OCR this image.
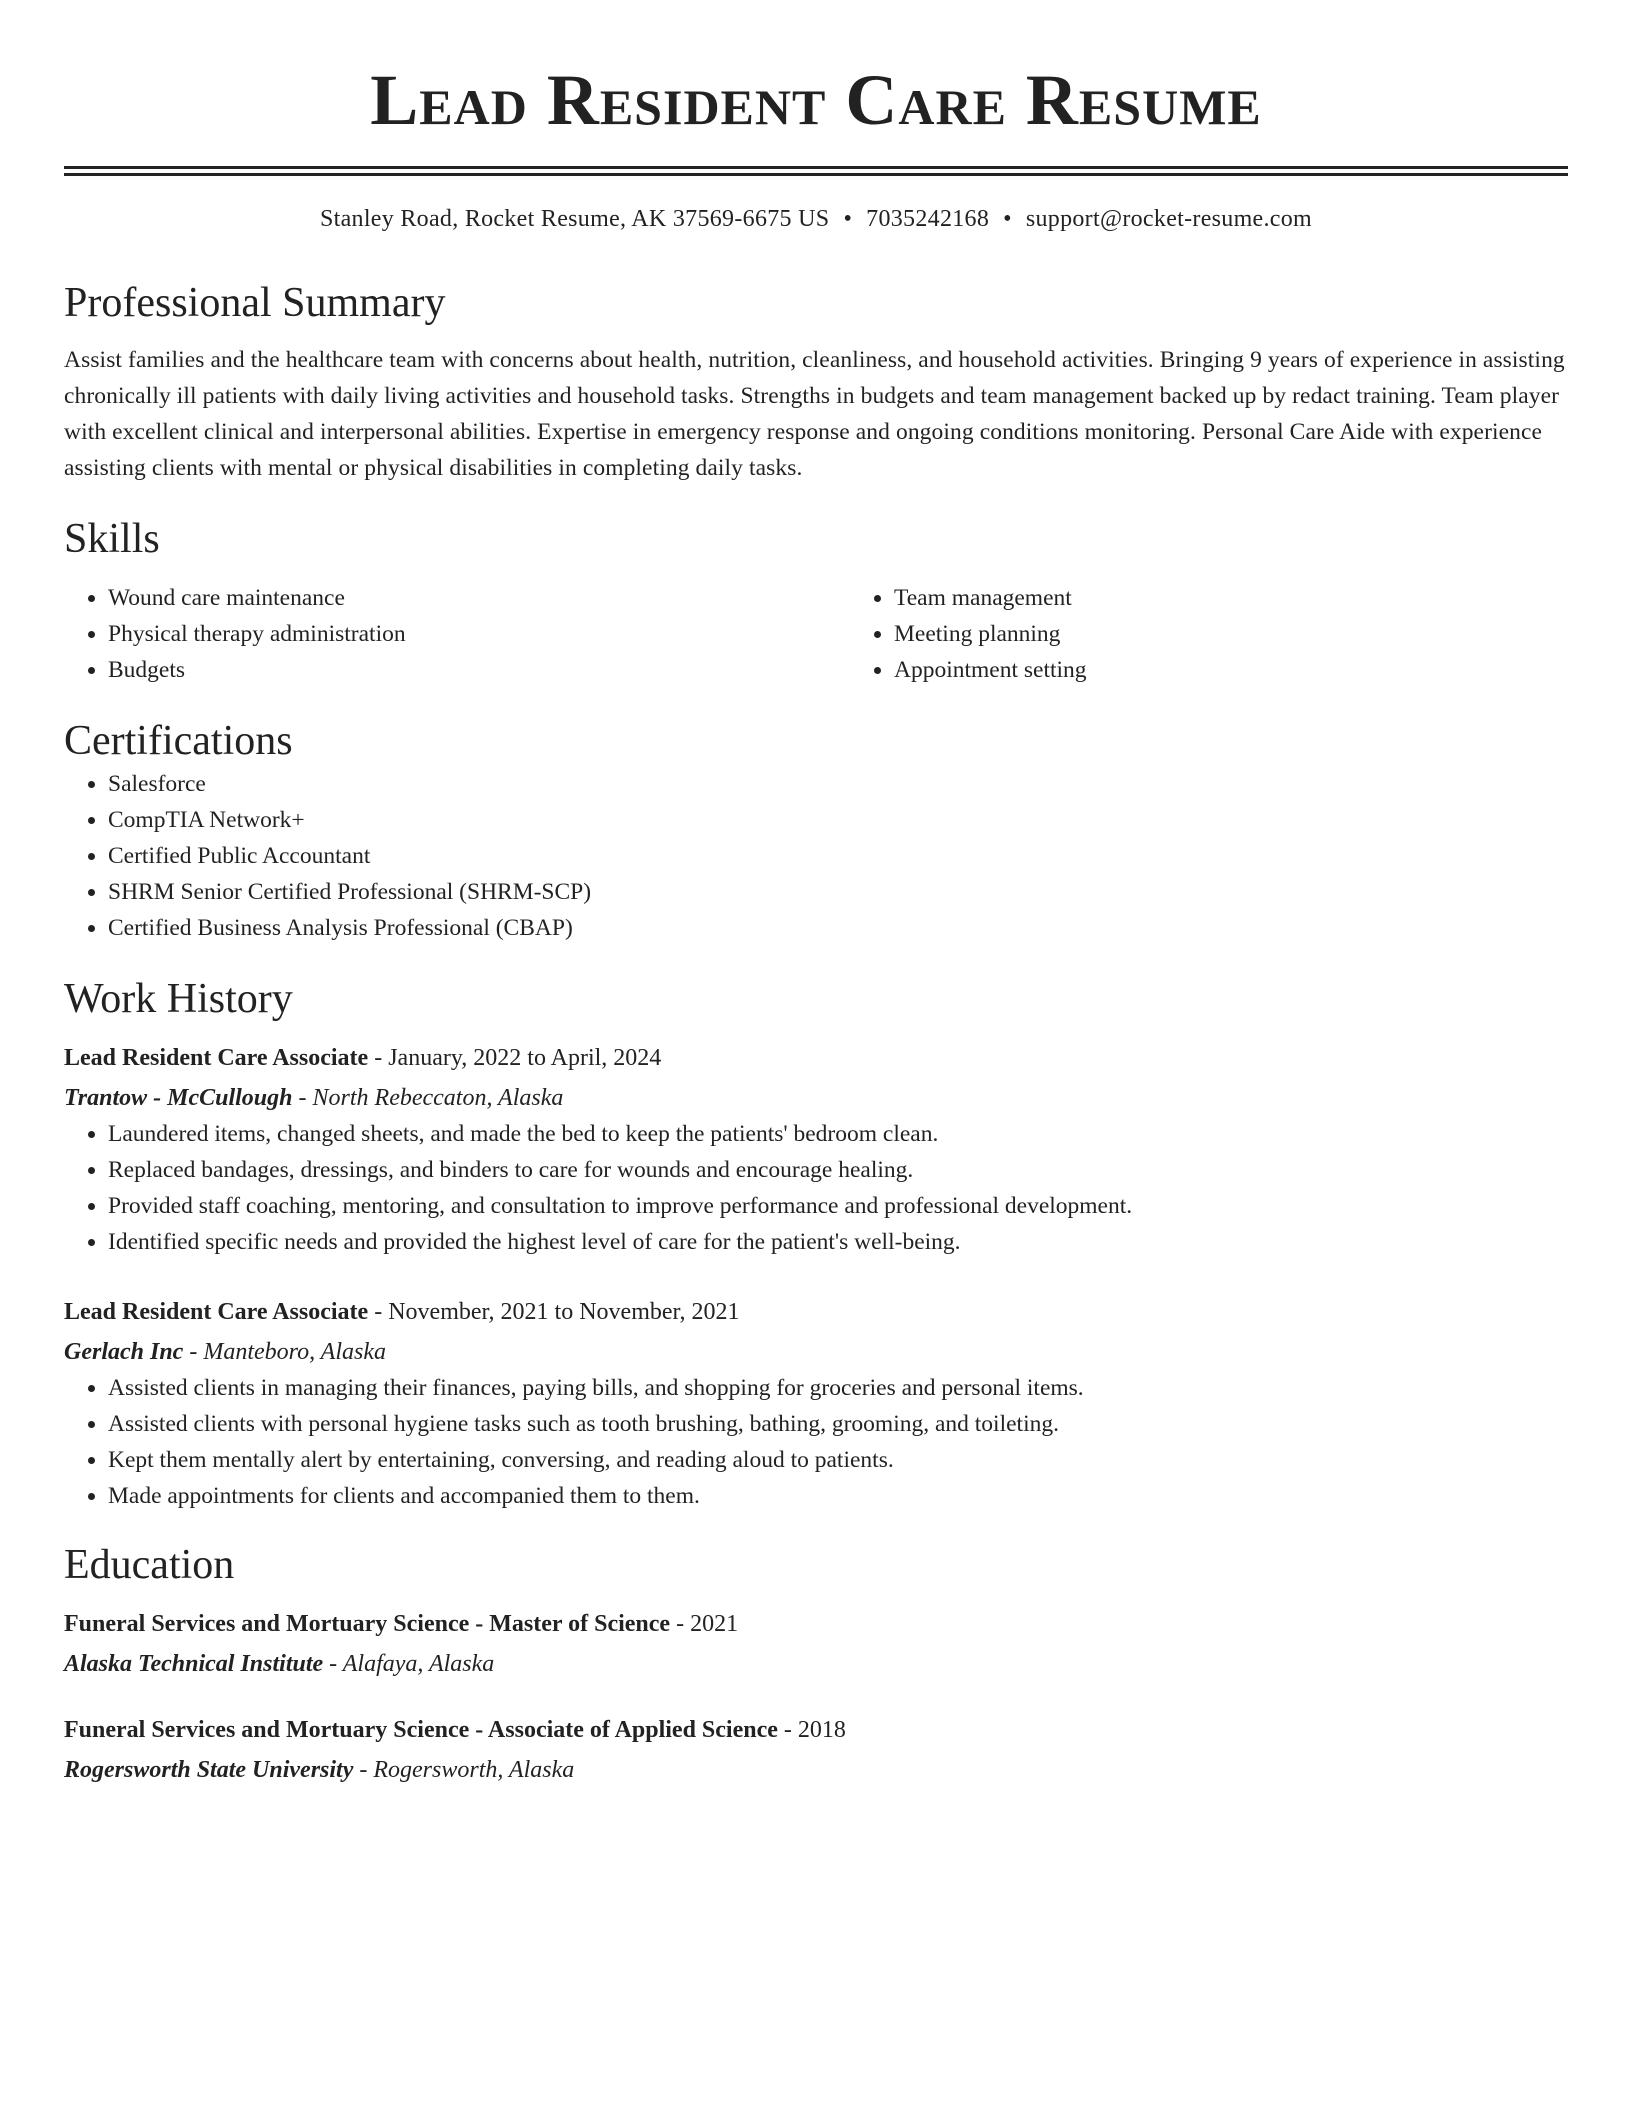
Lead Resident Care Resume
Stanley Road, Rocket Resume, AK 37569-6675 US • 7035242168 • support@rocket-resume.com
Professional Summary
Assist families and the healthcare team with concerns about health, nutrition, cleanliness, and household activities. Bringing 9 years of experience in assisting chronically ill patients with daily living activities and household tasks. Strengths in budgets and team management backed up by redact training. Team player with excellent clinical and interpersonal abilities. Expertise in emergency response and ongoing conditions monitoring. Personal Care Aide with experience assisting clients with mental or physical disabilities in completing daily tasks.
Skills
• Wound care maintenance
• Physical therapy administration
• Budgets
• Team management
• Meeting planning
• Appointment setting
Certifications
• Salesforce
• CompTIA Network+
• Certified Public Accountant
• SHRM Senior Certified Professional (SHRM-SCP)
• Certified Business Analysis Professional (CBAP)
Work History
Lead Resident Care Associate - January, 2022 to April, 2024
Trantow - McCullough - North Rebeccaton, Alaska
• Laundered items, changed sheets, and made the bed to keep the patients' bedroom clean.
• Replaced bandages, dressings, and binders to care for wounds and encourage healing.
• Provided staff coaching, mentoring, and consultation to improve performance and professional development.
• Identified specific needs and provided the highest level of care for the patient's well-being.
Lead Resident Care Associate - November, 2021 to November, 2021
Gerlach Inc - Manteboro, Alaska
• Assisted clients in managing their finances, paying bills, and shopping for groceries and personal items.
• Assisted clients with personal hygiene tasks such as tooth brushing, bathing, grooming, and toileting.
• Kept them mentally alert by entertaining, conversing, and reading aloud to patients.
• Made appointments for clients and accompanied them to them.
Education
Funeral Services and Mortuary Science - Master of Science - 2021
Alaska Technical Institute - Alafaya, Alaska
Funeral Services and Mortuary Science - Associate of Applied Science - 2018
Rogersworth State University - Rogersworth, Alaska
